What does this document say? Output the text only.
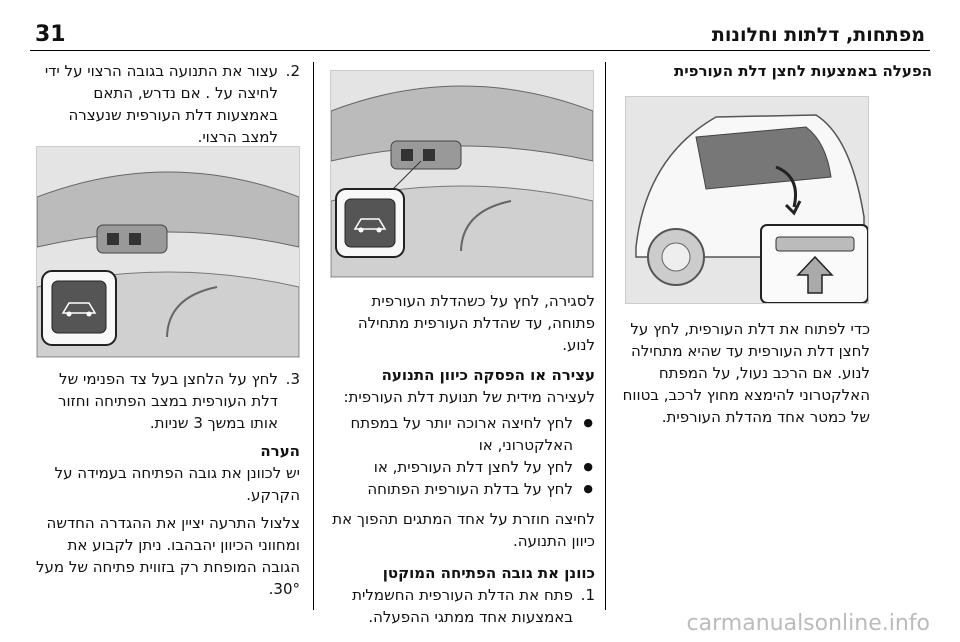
31	מפתחות, דלתות וחלונות

הפעלה באמצעות לחצן דלת העורפית

כדי לפתוח את דלת העורפית, לחץ על לחצן דלת העורפית עד שהיא מתחילה לנוע. אם הרכב נעול, על המפתח האלקטרוני להימצא מחוץ לרכב, בטווח של כמטר אחד מהדלת העורפית.

לסגירה, לחץ על כשהדלת העורפית פתוחה, עד שהדלת העורפית מתחילה לנוע.

עצירה או הפסקה כיוון התנועה

לעצירה מידית של תנועת דלת העורפית:

● לחץ לחיצה ארוכה יותר על במפתח האלקטרוני, או
● לחץ על לחצן דלת העורפית, או
● לחץ על בדלת העורפית הפתוחה

לחיצה חוזרת על אחד המתגים תהפוך את כיוון התנועה.

כוונן את גובה הפתיחה המוקטן

1.
פתח את הדלת העורפית החשמלית באמצעות אחד ממתגי ההפעלה.
2.
עצור את התנועה בגובה הרצוי על ידי לחיצה על . אם נדרש, התאם באמצעות דלת העורפית שנעצרה למצב הרצוי.
3.
לחץ על הלחצן בעל צד הפנימי של דלת העורפית במצב הפתיחה וחזור אותו במשך 3 שניות.

הערה

יש לכוונן את גובה הפתיחה בעמידה על הקרקע.

צלצול התרעה יציין את ההגדרה החדשה ומחווני הכיוון יהבהבו. ניתן לקבוע את הגובה המופחת רק בזווית פתיחה של מעל 30°.

carmanualsonline.info
